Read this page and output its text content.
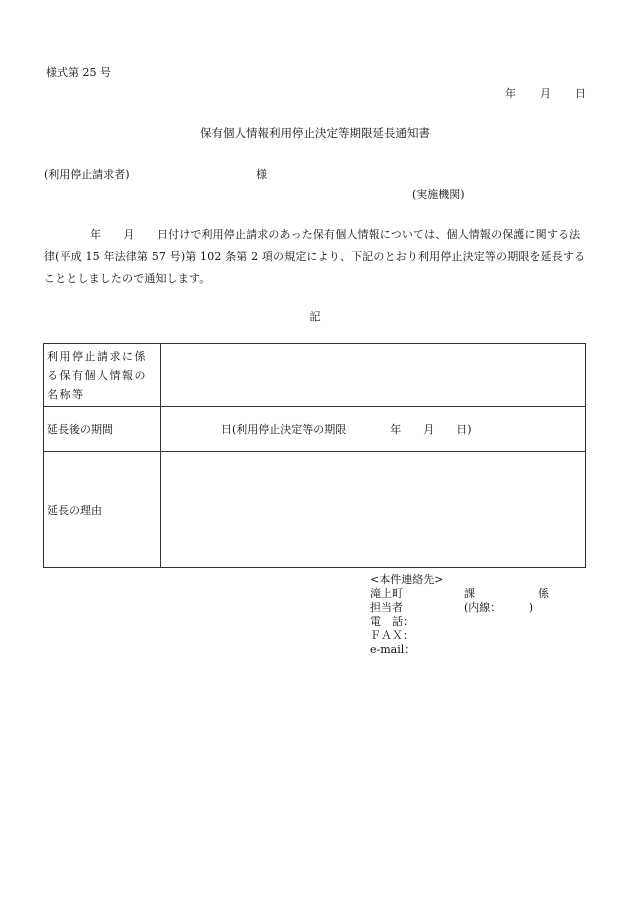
様式第 25 号
年 月 日
保有個人情報利用停止決定等期限延長通知書
(利用停止請求者)	様
(実施機関)
年　　月　　日付けで利用停止請求のあった保有個人情報については、個人情報の保護に関する法律(平成 15 年法律第 57 号)第 102 条第 2 項の規定により、下記のとおり利用停止決定等の期限を延長することとしましたので通知します。
記
利用停止請求に係る保有個人情報の名称等	
延長後の期間	日(利用停止決定等の期限　　　　年　　月　　日)
延長の理由	
<本件連絡先>
滝上町	課	係
担当者	(内線：　　　)
電　話：
ＦＡＸ：
e-mail：
